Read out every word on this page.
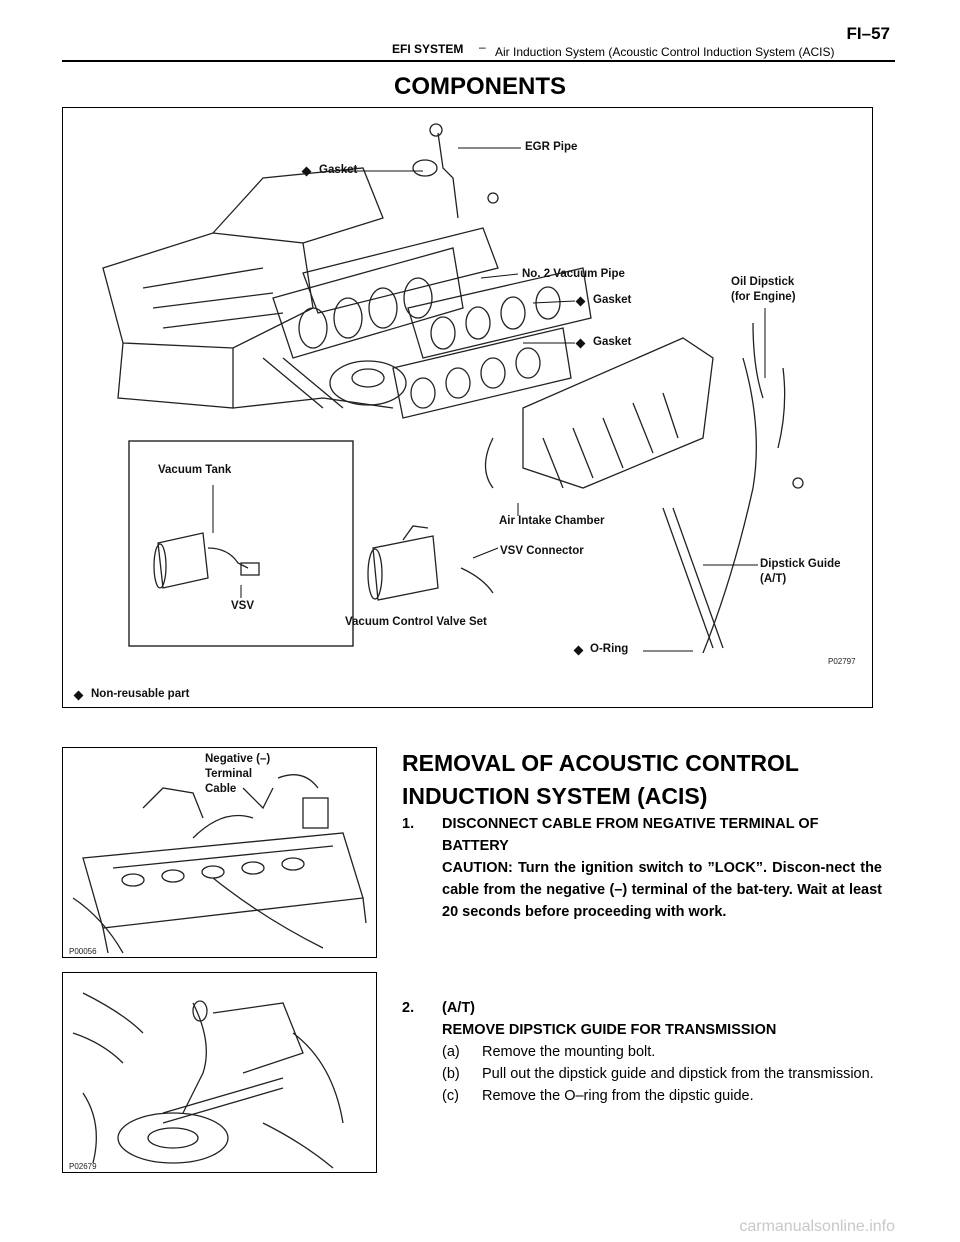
FI–57
EFI SYSTEM – Air Induction System (Acoustic Control Induction System (ACIS)
COMPONENTS
EGR Pipe
Gasket
No. 2 Vacuum Pipe
Gasket
Gasket
Oil Dipstick
(for Engine)
Vacuum Tank
VSV
Air Intake Chamber
VSV Connector
Vacuum Control Valve Set
Dipstick Guide
(A/T)
O-Ring
P02797
Non-reusable part
Negative (–)
Terminal
Cable
P00056
P02679
REMOVAL OF ACOUSTIC CONTROL
INDUCTION SYSTEM (ACIS)
1.	DISCONNECT CABLE FROM NEGATIVE TERMINAL OF
BATTERY
CAUTION: Turn the ignition switch to ”LOCK”. Discon-nect the cable from the negative (–) terminal of the bat-tery. Wait at least 20 seconds before proceeding with work.
2. (A/T)
REMOVE DIPSTICK GUIDE FOR TRANSMISSION
(a) Remove the mounting bolt.
(b) Pull out the dipstick guide and dipstick from the transmission.
(c) Remove the O–ring from the dipstic guide.
carmanualsonline.info
